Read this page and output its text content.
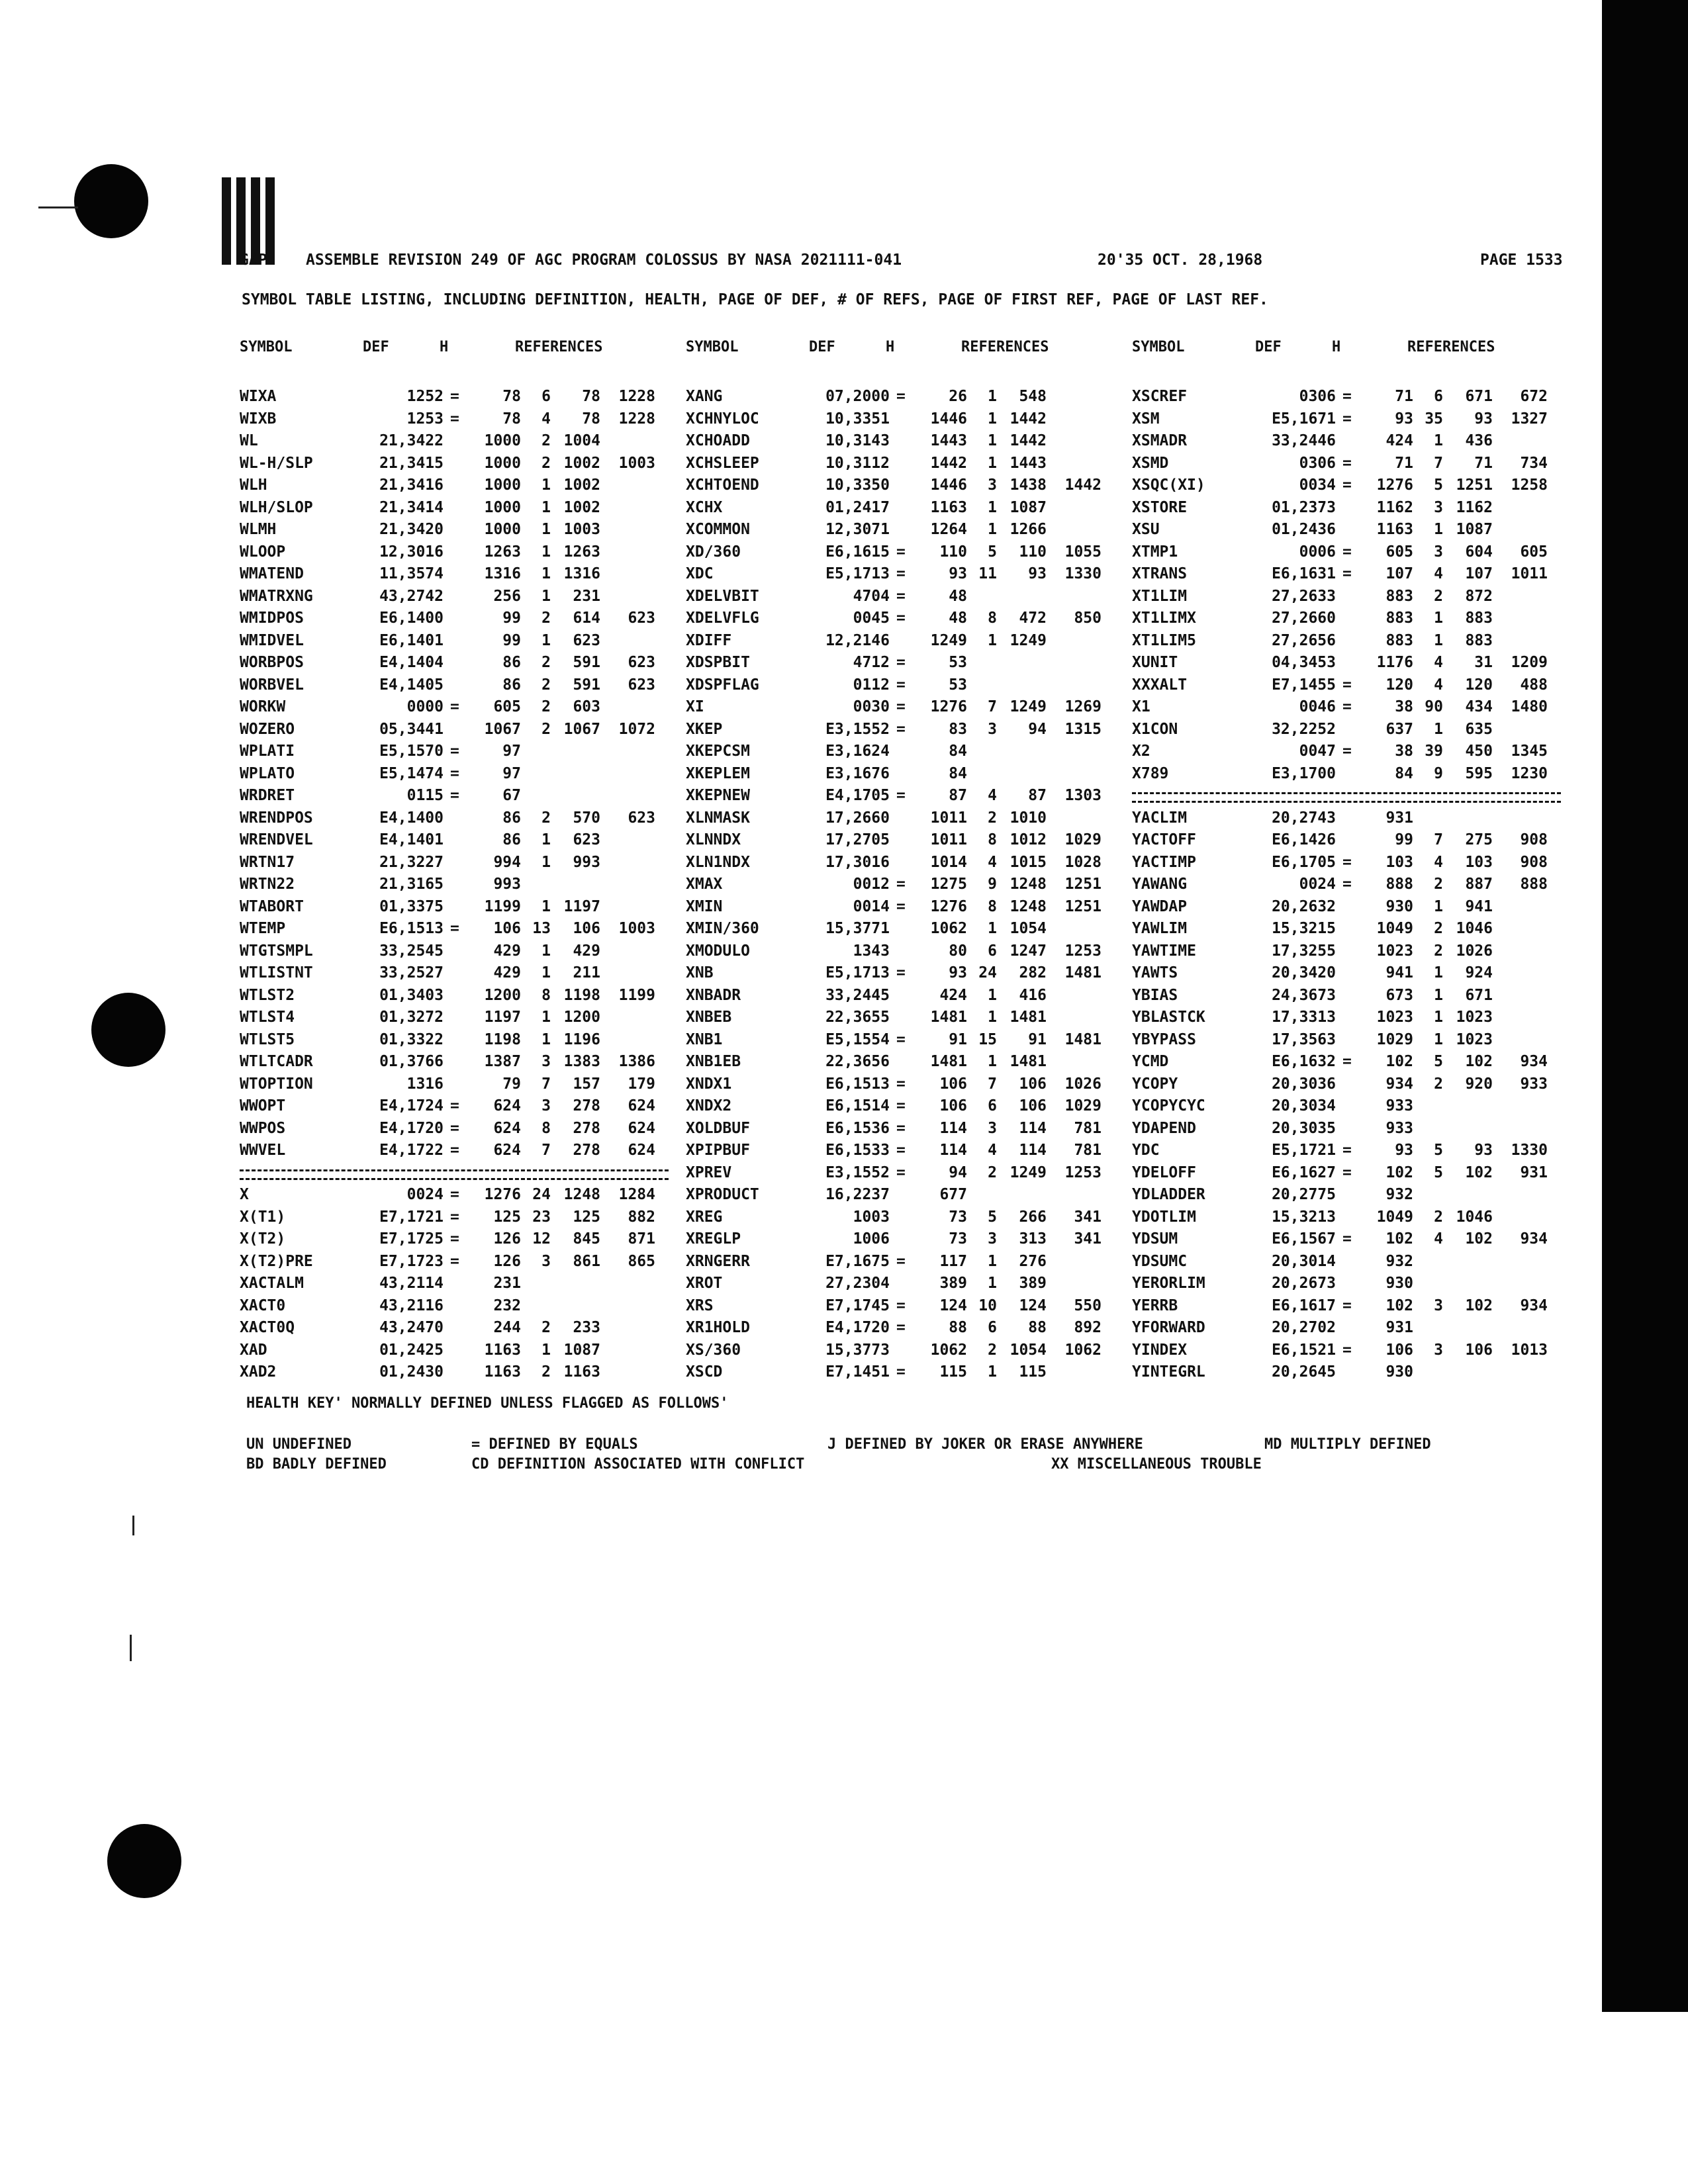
GAP	ASSEMBLE REVISION 249 OF AGC PROGRAM COLOSSUS BY NASA 2021111-041	20'35 OCT. 28,1968	PAGE 1533
SYMBOL TABLE LISTING, INCLUDING DEFINITION, HEALTH, PAGE OF DEF, # OF REFS, PAGE OF FIRST REF, PAGE OF LAST REF.
SYMBOL	DEF	H	REFERENCES	SYMBOL	DEF	H	REFERENCES	SYMBOL	DEF	H	REFERENCES
WIXA	1252 =	78 6 78 1228
WIXB	1253 =	78 4 78 1228
WL	21,3422	1000 2 1004
WL-H/SLP	21,3415	1000 2 1002 1003
WLH	21,3416	1000 1 1002
WLH/SLOP	21,3414	1000 1 1002
WLMH	21,3420	1000 1 1003
WLOOP	12,3016	1263 1 1263
WMATEND	11,3574	1316 1 1316
WMATRXNG	43,2742	256 1 231
WMIDPOS	E6,1400	99 2 614 623
WMIDVEL	E6,1401	99 1 623
WORBPOS	E4,1404	86 2 591 623
WORBVEL	E4,1405	86 2 591 623
WORKW	0000 = 605 2 603
WOZERO	05,3441	1067 2 1067 1072
WPLATI	E5,1570 =	97
WPLATO	E5,1474 =	97
WRDRET	0115 =	67
WRENDPOS	E4,1400	86 2 570 623
WRENDVEL	E4,1401	86 1 623
WRTN17	21,3227	994 1 993
WRTN22	21,3165	993
WTABORT	01,3375	1199 1 1197
WTEMP	E6,1513 = 106 13 106 1003
WTGTSMPL	33,2545	429 1 429
WTLISTNT	33,2527	429 1 211
WTLST2	01,3403	1200 8 1198 1199
WTLST4	01,3272	1197 1 1200
WTLST5	01,3322	1198 1 1196
WTLTCADR	01,3766	1387 3 1383 1386
WTOPTION	1316	79 7 157 179
WWOPT	E4,1724 = 624 3 278 624
WWPOS	E4,1720 = 624 8 278 624
WWVEL	E4,1722 = 624 7 278 624
X	0024 = 1276 24 1248 1284
X(T1)	E7,1721 = 125 23 125 882
X(T2)	E7,1725 = 126 12 845 871
X(T2)PRE	E7,1723 = 126 3 861 865
XACTALM	43,2114	231
XACT0	43,2116	232
XACT0Q	43,2470	244 2 233
XAD	01,2425	1163 1 1087
XAD2	01,2430	1163 2 1163
XANG	07,2000 =	26 1 548
XCHNYLOC	10,3351	1446 1 1442
XCHOADD	10,3143	1443 1 1442
XCHSLEEP	10,3112	1442 1 1443
XCHTOEND	10,3350	1446 3 1438 1442
XCHX	01,2417	1163 1 1087
XCOMMON	12,3071	1264 1 1266
XD/360	E6,1615 = 110 5 110 1055
XDC	E5,1713 =	93 11 93 1330
XDELVBIT	4704 =	48
XDELVFLG	0045 =	48 8 472 850
XDIFF	12,2146	1249 1 1249
XDSPBIT	4712 =	53
XDSPFLAG	0112 =	53
XI	0030 = 1276 7 1249 1269
XKEP	E3,1552 =	83 3 94 1315
XKEPCSM	E3,1624	84
XKEPLEM	E3,1676	84
XKEPNEW	E4,1705 =	87 4 87 1303
XLNMASK	17,2660	1011 2 1010
XLNNDX	17,2705	1011 8 1012 1029
XLN1NDX	17,3016	1014 4 1015 1028
XMAX	0012 = 1275 9 1248 1251
XMIN	0014 = 1276 8 1248 1251
XMIN/360	15,3771	1062 1 1054
XMODULO	1343	80 6 1247 1253
XNB	E5,1713 =	93 24 282 1481
XNBADR	33,2445	424 1 416
XNBEB	22,3655	1481 1 1481
XNB1	E5,1554 =	91 15 91 1481
XNB1EB	22,3656	1481 1 1481
XNDX1	E6,1513 = 106 7 106 1026
XNDX2	E6,1514 = 106 6 106 1029
XOLDBUF	E6,1536 = 114 3 114 781
XPIPBUF	E6,1533 = 114 4 114 781
XPREV	E3,1552 =	94 2 1249 1253
XPRODUCT	16,2237	677
XREG	1003	73 5 266 341
XREGLP	1006	73 3 313 341
XRNGERR	E7,1675 = 117 1 276
XROT	27,2304	389 1 389
XRS	E7,1745 = 124 10 124 550
XR1HOLD	E4,1720 =	88 6 88 892
XS/360	15,3773	1062 2 1054 1062
XSCD	E7,1451 = 115 1 115
XSCREF	0306 =	71 6 671 672
XSM	E5,1671 =	93 35 93 1327
XSMADR	33,2446	424 1 436
XSMD	0306 =	71 7 71 734
XSQC(XI)	0034 = 1276 5 1251 1258
XSTORE	01,2373	1162 3 1162
XSU	01,2436	1163 1 1087
XTMP1	0006 = 605 3 604 605
XTRANS	E6,1631 = 107 4 107 1011
XT1LIM	27,2633	883 2 872
XT1LIMX	27,2660	883 1 883
XT1LIM5	27,2656	883 1 883
XUNIT	04,3453	1176 4 31 1209
XXXALT	E7,1455 = 120 4 120 488
X1	0046 =	38 90 434 1480
X1CON	32,2252	637 1 635
X2	0047 =	38 39 450 1345
X789	E3,1700	84 9 595 1230
YACLIM	20,2743	931
YACTOFF	E6,1426	99 7 275 908
YACTIMP	E6,1705 = 103 4 103 908
YAWANG	0024 = 888 2 887 888
YAWDAP	20,2632	930 1 941
YAWLIM	15,3215	1049 2 1046
YAWTIME	17,3255	1023 2 1026
YAWTS	20,3420	941 1 924
YBIAS	24,3673	673 1 671
YBLASTCK	17,3313	1023 1 1023
YBYPASS	17,3563	1029 1 1023
YCMD	E6,1632 = 102 5 102 934
YCOPY	20,3036	934 2 920 933
YCOPYCYC	20,3034	933
YDAPEND	20,3035	933
YDC	E5,1721 =	93 5 93 1330
YDELOFF	E6,1627 = 102 5 102 931
YDLADDER	20,2775	932
YDOTLIM	15,3213	1049 2 1046
YDSUM	E6,1567 = 102 4 102 934
YDSUMC	20,3014	932
YERORLIM	20,2673	930
YERRB	E6,1617 = 102 3 102 934
YFORWARD	20,2702	931
YINDEX	E6,1521 = 106 3 106 1013
YINTEGRL	20,2645	930
HEALTH KEY' NORMALLY DEFINED UNLESS FLAGGED AS FOLLOWS'
UN UNDEFINED	= DEFINED BY EQUALS	J DEFINED BY JOKER OR ERASE ANYWHERE	MD MULTIPLY DEFINED
BD BADLY DEFINED	CD DEFINITION ASSOCIATED WITH CONFLICT	XX MISCELLANEOUS TROUBLE
